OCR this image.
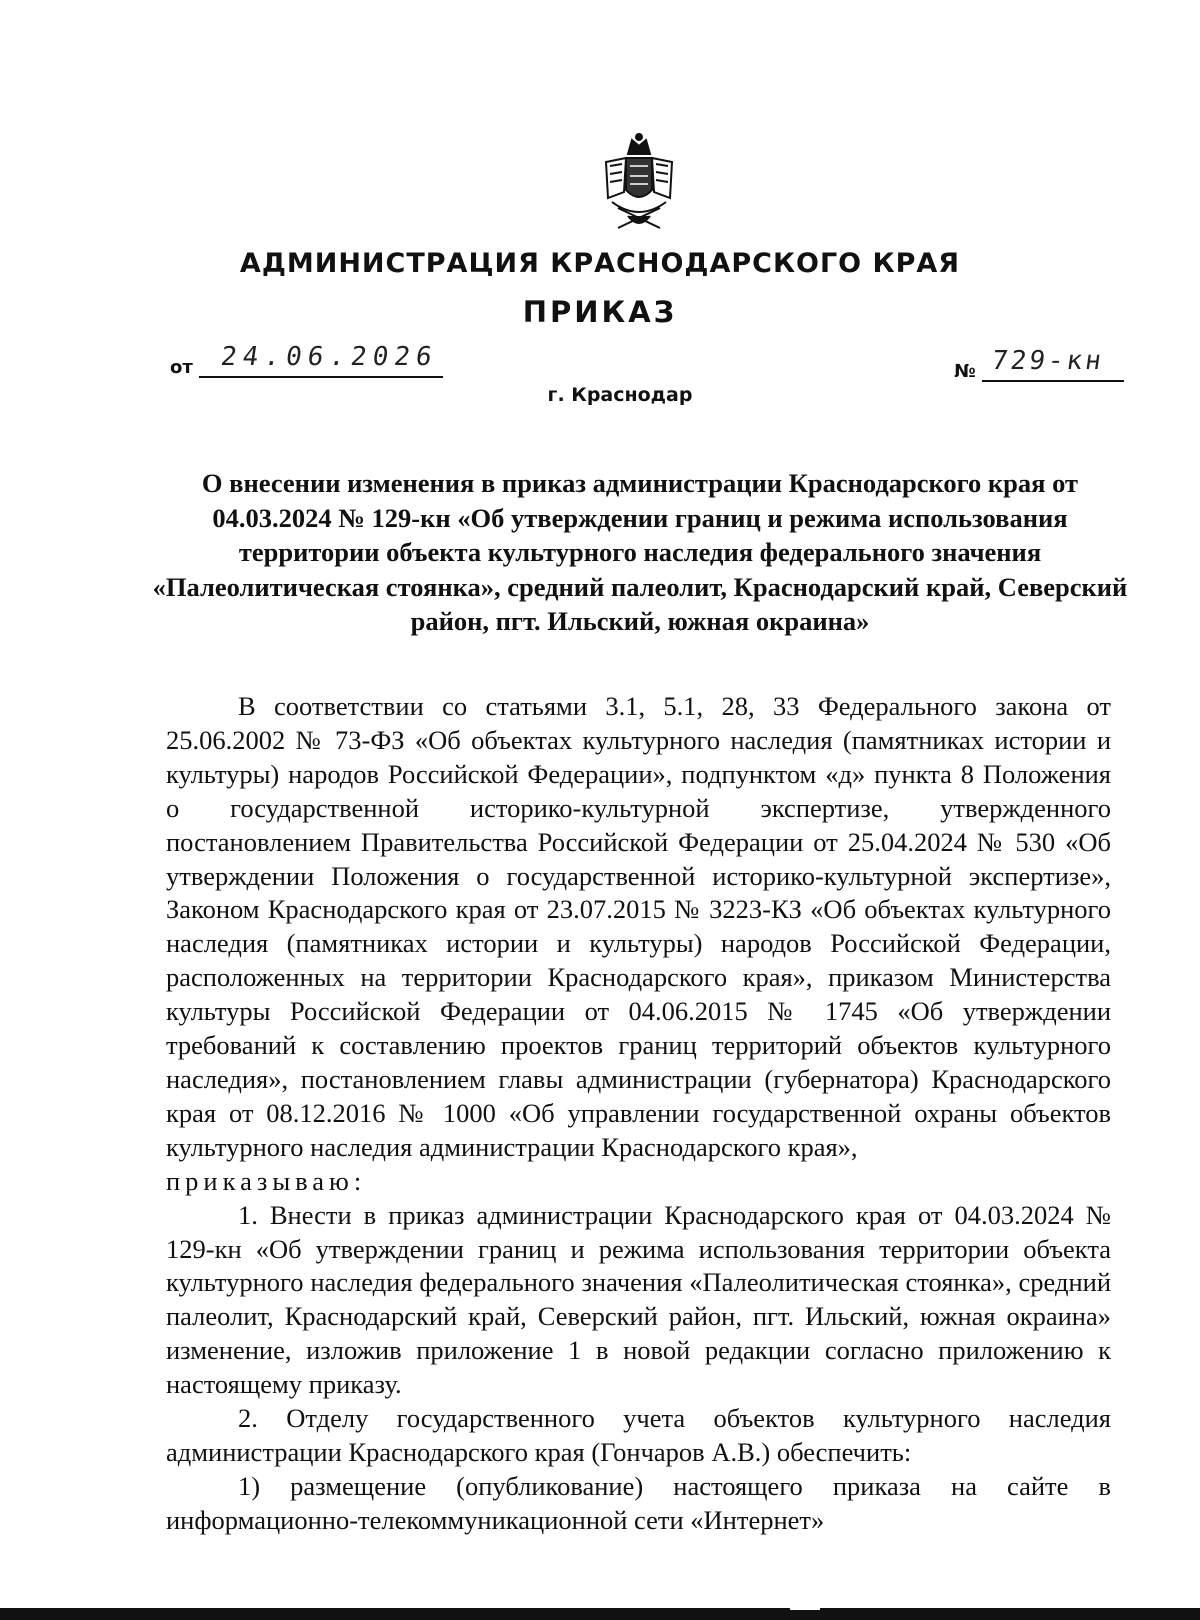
АДМИНИСТРАЦИЯ КРАСНОДАРСКОГО КРАЯ
ПРИКАЗ
от 24.06.2026	№ 729-кн
г. Краснодар
О внесении изменения в приказ администрации Краснодарского края от 04.03.2024 № 129-кн «Об утверждении границ и режима использования территории объекта культурного наследия федерального значения «Палеолитическая стоянка», средний палеолит, Краснодарский край, Северский район, пгт. Ильский, южная окраина»

В соответствии со статьями 3.1, 5.1, 28, 33 Федерального закона от 25.06.2002 № 73-ФЗ «Об объектах культурного наследия (памятниках истории и культуры) народов Российской Федерации», подпунктом «д» пункта 8 Положения о государственной историко-культурной экспертизе, утвержденного постановлением Правительства Российской Федерации от 25.04.2024 № 530 «Об утверждении Положения о государственной историко-культурной экспертизе», Законом Краснодарского края от 23.07.2015 № 3223-КЗ «Об объектах культурного наследия (памятниках истории и культуры) народов Российской Федерации, расположенных на территории Краснодарского края», приказом Министерства культуры Российской Федерации от 04.06.2015 № 1745 «Об утверждении требований к составлению проектов границ территорий объектов культурного наследия», постановлением главы администрации (губернатора) Краснодарского края от 08.12.2016 № 1000 «Об управлении государственной охраны объектов культурного наследия администрации Краснодарского края»,

приказываю:

1. Внести в приказ администрации Краснодарского края от 04.03.2024 № 129-кн «Об утверждении границ и режима использования территории объекта культурного наследия федерального значения «Палеолитическая стоянка», средний палеолит, Краснодарский край, Северский район, пгт. Ильский, южная окраина» изменение, изложив приложение 1 в новой редакции согласно приложению к настоящему приказу.

2. Отделу государственного учета объектов культурного наследия администрации Краснодарского края (Гончаров А.В.) обеспечить:

1) размещение (опубликование) настоящего приказа на сайте в информационно-телекоммуникационной сети «Интернет»
